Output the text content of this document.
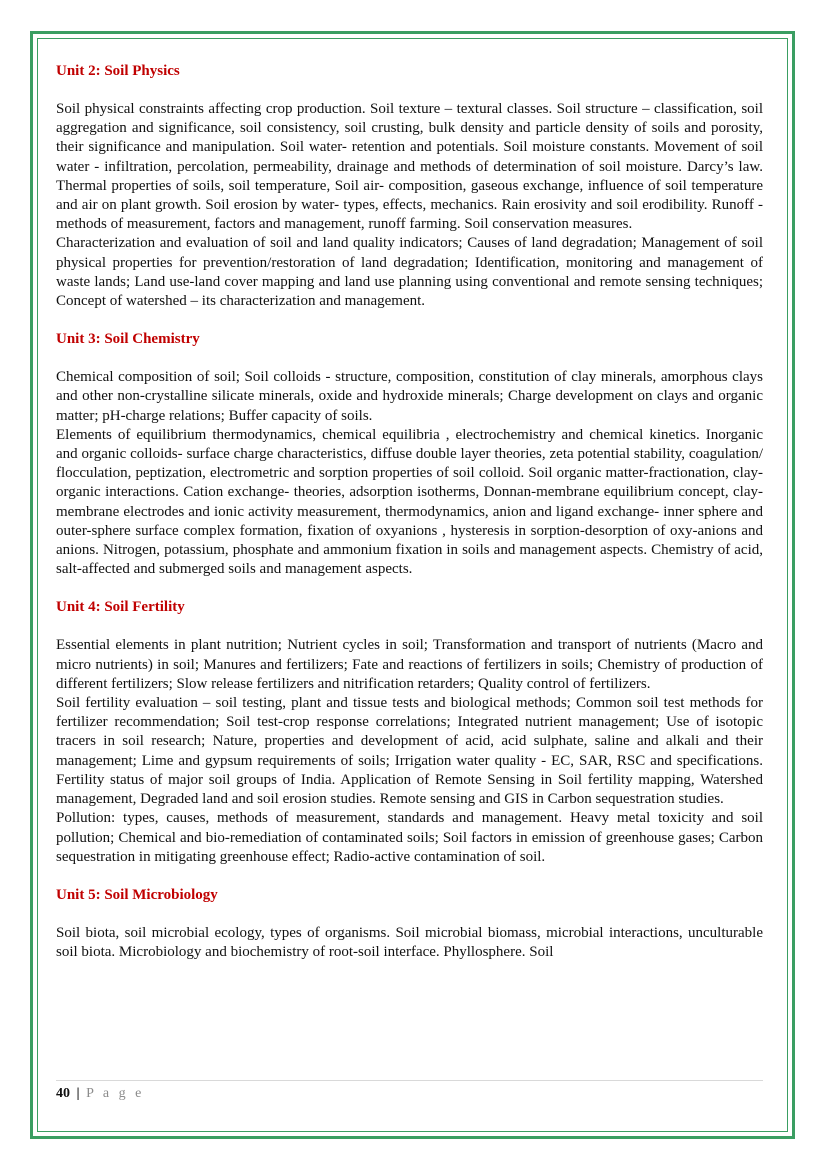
Unit 2: Soil Physics

Soil physical constraints affecting crop production. Soil texture – textural classes. Soil structure – classification, soil aggregation and significance, soil consistency, soil crusting, bulk density and particle density of soils and porosity, their significance and manipulation. Soil water- retention and potentials. Soil moisture constants. Movement of soil water - infiltration, percolation, permeability, drainage and methods of determination of soil moisture. Darcy’s law. Thermal properties of soils, soil temperature, Soil air- composition, gaseous exchange, influence of soil temperature and air on plant growth. Soil erosion by water- types, effects, mechanics. Rain erosivity and soil erodibility. Runoff - methods of measurement, factors and management, runoff farming. Soil conservation measures.

Characterization and evaluation of soil and land quality indicators; Causes of land degradation; Management of soil physical properties for prevention/restoration of land degradation; Identification, monitoring and management of waste lands; Land use-land cover mapping and land use planning using conventional and remote sensing techniques; Concept of watershed – its characterization and management.

Unit 3: Soil Chemistry

Chemical composition of soil; Soil colloids - structure, composition, constitution of clay minerals, amorphous clays and other non-crystalline silicate minerals, oxide and hydroxide minerals; Charge development on clays and organic matter; pH-charge relations; Buffer capacity of soils.

Elements of equilibrium thermodynamics, chemical equilibria , electrochemistry and chemical kinetics. Inorganic and organic colloids- surface charge characteristics, diffuse double layer theories, zeta potential stability, coagulation/ flocculation, peptization, electrometric and sorption properties of soil colloid. Soil organic matter-fractionation, clay-organic interactions. Cation exchange- theories, adsorption isotherms, Donnan-membrane equilibrium concept, clay-membrane electrodes and ionic activity measurement, thermodynamics, anion and ligand exchange- inner sphere and outer-sphere surface complex formation, fixation of oxyanions , hysteresis in sorption-desorption of oxy-anions and anions. Nitrogen, potassium, phosphate and ammonium fixation in soils and management aspects. Chemistry of acid, salt-affected and submerged soils and management aspects.

Unit 4: Soil Fertility

Essential elements in plant nutrition; Nutrient cycles in soil; Transformation and transport of nutrients (Macro and micro nutrients) in soil; Manures and fertilizers; Fate and reactions of fertilizers in soils; Chemistry of production of different fertilizers; Slow release fertilizers and nitrification retarders; Quality control of fertilizers.

Soil fertility evaluation – soil testing, plant and tissue tests and biological methods; Common soil test methods for fertilizer recommendation; Soil test-crop response correlations; Integrated nutrient management; Use of isotopic tracers in soil research; Nature, properties and development of acid, acid sulphate, saline and alkali and their management; Lime and gypsum requirements of soils; Irrigation water quality - EC, SAR, RSC and specifications. Fertility status of major soil groups of India. Application of Remote Sensing in Soil fertility mapping, Watershed management, Degraded land and soil erosion studies. Remote sensing and GIS in Carbon sequestration studies.

Pollution: types, causes, methods of measurement, standards and management. Heavy metal toxicity and soil pollution; Chemical and bio-remediation of contaminated soils; Soil factors in emission of greenhouse gases; Carbon sequestration in mitigating greenhouse effect; Radio-active contamination of soil.

Unit 5: Soil Microbiology

Soil biota, soil microbial ecology, types of organisms. Soil microbial biomass, microbial interactions, unculturable soil biota. Microbiology and biochemistry of root-soil interface. Phyllosphere. Soil

40 | P a g e
